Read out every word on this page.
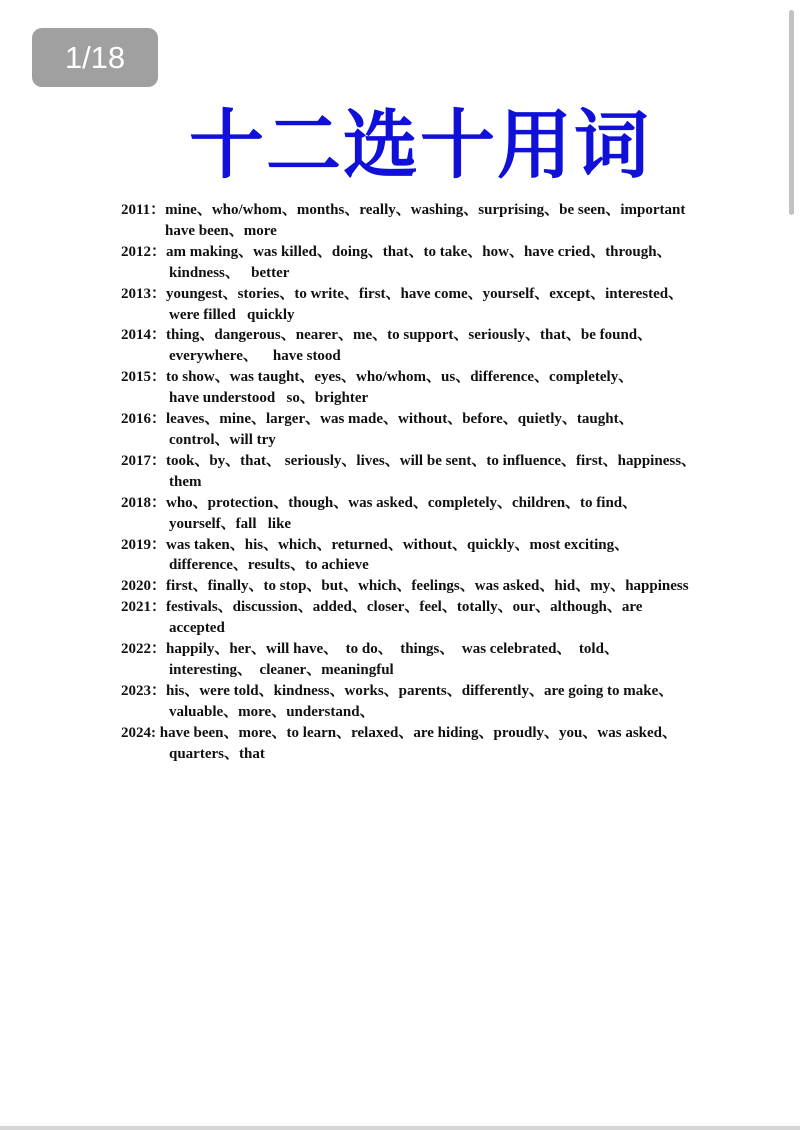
1/18
十二选十用词
2011：mine、who/whom、months、really、washing、surprising、be seen、important
have been、more
2012：am making、was killed、doing、that、to take、how、have cried、through、
kindness、   better
2013：youngest、stories、to write、first、have come、yourself、except、interested、
were filled   quickly
2014：thing、dangerous、nearer、me、to support、seriously、that、be found、
everywhere、    have stood
2015：to show、was taught、eyes、who/whom、us、difference、completely、
have understood   so、brighter
2016：leaves、mine、larger、was made、without、before、quietly、taught、
control、will try
2017：took、by、that、 seriously、lives、will be sent、to influence、first、happiness、
them
2018：who、protection、though、was asked、completely、children、to find、
yourself、fall   like
2019：was taken、his、which、returned、without、quickly、most exciting、
difference、results、to achieve
2020：first、finally、to stop、but、which、feelings、was asked、hid、my、happiness
2021：festivals、discussion、added、closer、feel、totally、our、although、are
accepted
2022：happily、her、will have、  to do、  things、  was celebrated、  told、
interesting、  cleaner、meaningful
2023：his、were told、kindness、works、parents、differently、are going to make、
valuable、more、understand、
2024: have been、more、to learn、relaxed、are hiding、proudly、you、was asked、
quarters、that
